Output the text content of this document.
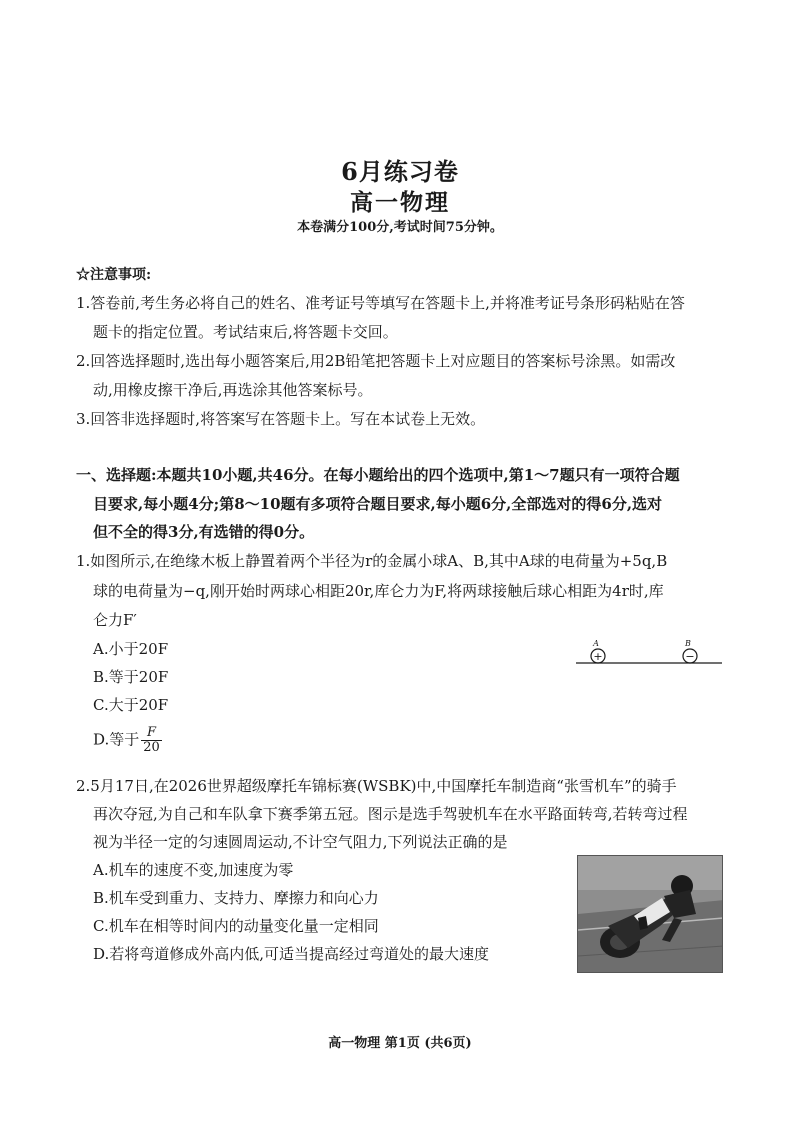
6月练习卷
高一物理
本卷满分100分,考试时间75分钟。
☆注意事项:
1.答卷前,考生务必将自己的姓名、准考证号等填写在答题卡上,并将准考证号条形码粘贴在答
题卡的指定位置。考试结束后,将答题卡交回。
2.回答选择题时,选出每小题答案后,用2B铅笔把答题卡上对应题目的答案标号涂黑。如需改
动,用橡皮擦干净后,再选涂其他答案标号。
3.回答非选择题时,将答案写在答题卡上。写在本试卷上无效。
一、选择题:本题共10小题,共46分。在每小题给出的四个选项中,第1～7题只有一项符合题
目要求,每小题4分;第8～10题有多项符合题目要求,每小题6分,全部选对的得6分,选对
但不全的得3分,有选错的得0分。
1.如图所示,在绝缘木板上静置着两个半径为r的金属小球A、B,其中A球的电荷量为+5q,B
球的电荷量为−q,刚开始时两球心相距20r,库仑力为F,将两球接触后球心相距为4r时,库
仑力F′
A.小于20F
B.等于20F
C.大于20F
D.等于 $\frac{F}{20}$
+
A
−
B
2.5月17日,在2026世界超级摩托车锦标赛(WSBK)中,中国摩托车制造商“张雪机车”的骑手
再次夺冠,为自己和车队拿下赛季第五冠。图示是选手驾驶机车在水平路面转弯,若转弯过程
视为半径一定的匀速圆周运动,不计空气阻力,下列说法正确的是
A.机车的速度不变,加速度为零
B.机车受到重力、支持力、摩擦力和向心力
C.机车在相等时间内的动量变化量一定相同
D.若将弯道修成外高内低,可适当提高经过弯道处的最大速度
高一物理 第1页 (共6页)
